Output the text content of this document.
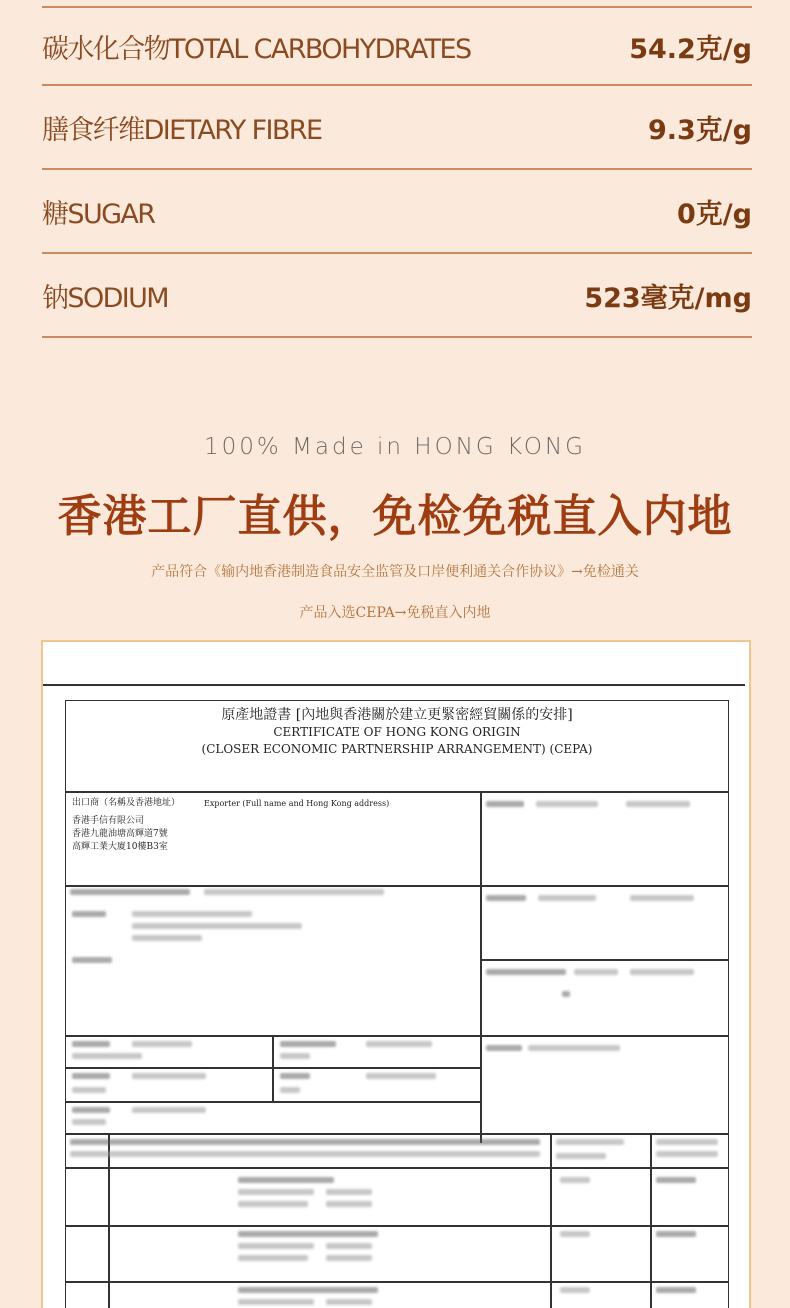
碳水化合物TOTAL CARBOHYDRATES	54.2克/g
膳食纤维DIETARY FIBRE	9.3克/g
糖SUGAR	0克/g
钠SODIUM	523毫克/mg
100% Made in HONG KONG
香港工厂直供，免检免税直入内地
产品符合《输内地香港制造食品安全监管及口岸便利通关合作协议》→免检通关
产品入选CEPA→免税直入内地
原產地證書 [內地與香港關於建立更緊密經貿關係的安排]
CERTIFICATE OF HONG KONG ORIGIN
(CLOSER ECONOMIC PARTNERSHIP ARRANGEMENT) (CEPA)
出口商（名稱及香港地址）	Exporter (Full name and Hong Kong address)
香港手信有限公司
香港九龍油塘高輝道7號
高輝工業大廈10樓B3室
